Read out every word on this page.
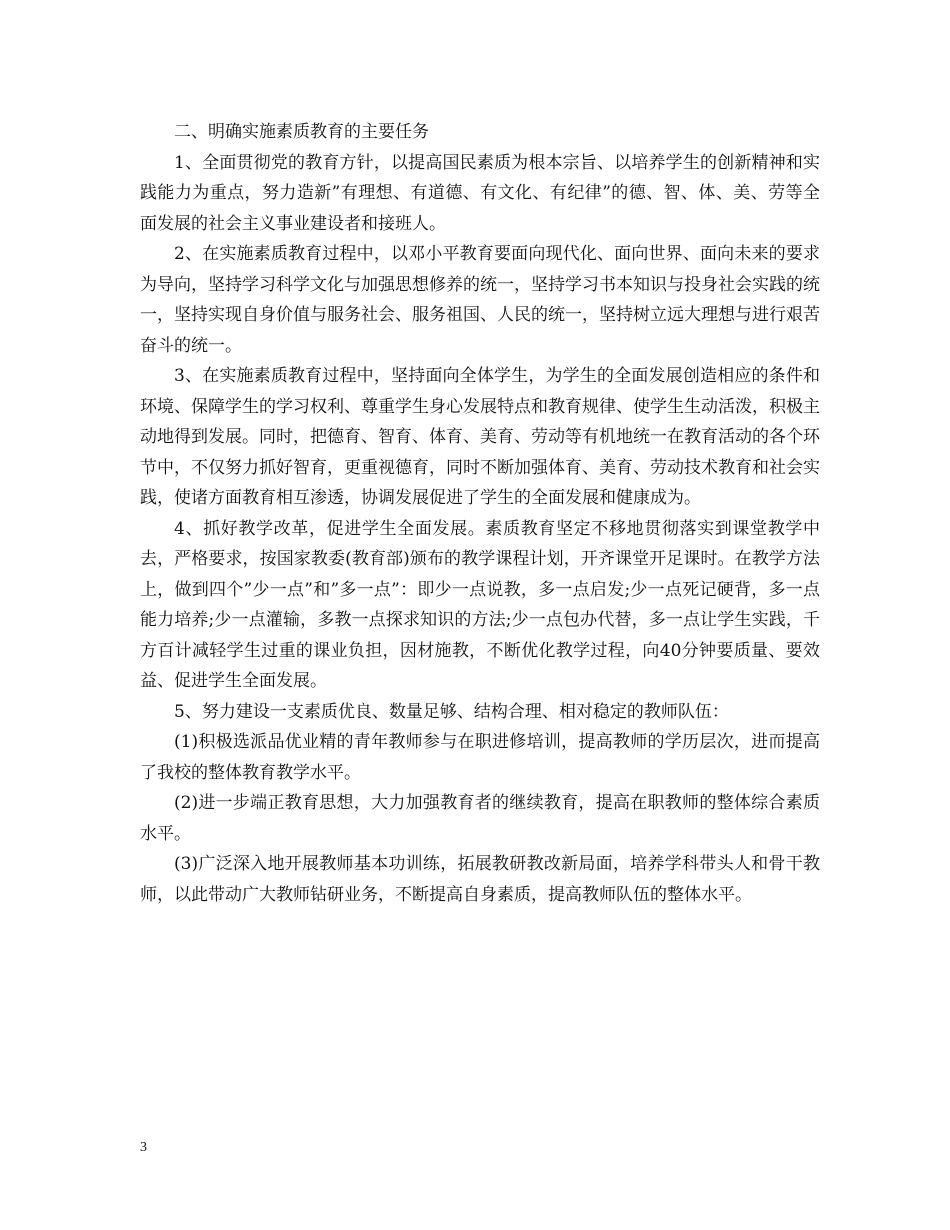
二、明确实施素质教育的主要任务

1、全面贯彻党的教育方针，以提高国民素质为根本宗旨、以培养学生的创新精神和实践能力为重点，努力造新”有理想、有道德、有文化、有纪律”的德、智、体、美、劳等全面发展的社会主义事业建设者和接班人。

2、在实施素质教育过程中，以邓小平教育要面向现代化、面向世界、面向未来的要求为导向，坚持学习科学文化与加强思想修养的统一，坚持学习书本知识与投身社会实践的统一，坚持实现自身价值与服务社会、服务祖国、人民的统一，坚持树立远大理想与进行艰苦奋斗的统一。

3、在实施素质教育过程中，坚持面向全体学生，为学生的全面发展创造相应的条件和环境、保障学生的学习权利、尊重学生身心发展特点和教育规律、使学生生动活泼，积极主动地得到发展。同时，把德育、智育、体育、美育、劳动等有机地统一在教育活动的各个环节中，不仅努力抓好智育，更重视德育，同时不断加强体育、美育、劳动技术教育和社会实践，使诸方面教育相互渗透，协调发展促进了学生的全面发展和健康成为。

4、抓好教学改革，促进学生全面发展。素质教育坚定不移地贯彻落实到课堂教学中去，严格要求，按国家教委(教育部)颁布的教学课程计划，开齐课堂开足课时。在教学方法上，做到四个”少一点”和”多一点”：即少一点说教，多一点启发;少一点死记硬背，多一点能力培养;少一点灌输，多教一点探求知识的方法;少一点包办代替，多一点让学生实践，千方百计减轻学生过重的课业负担，因材施教，不断优化教学过程，向40分钟要质量、要效益、促进学生全面发展。

5、努力建设一支素质优良、数量足够、结构合理、相对稳定的教师队伍：

(1)积极选派品优业精的青年教师参与在职进修培训，提高教师的学历层次，进而提高了我校的整体教育教学水平。

(2)进一步端正教育思想，大力加强教育者的继续教育，提高在职教师的整体综合素质水平。

(3)广泛深入地开展教师基本功训练，拓展教研教改新局面，培养学科带头人和骨干教师，以此带动广大教师钻研业务，不断提高自身素质，提高教师队伍的整体水平。

3
